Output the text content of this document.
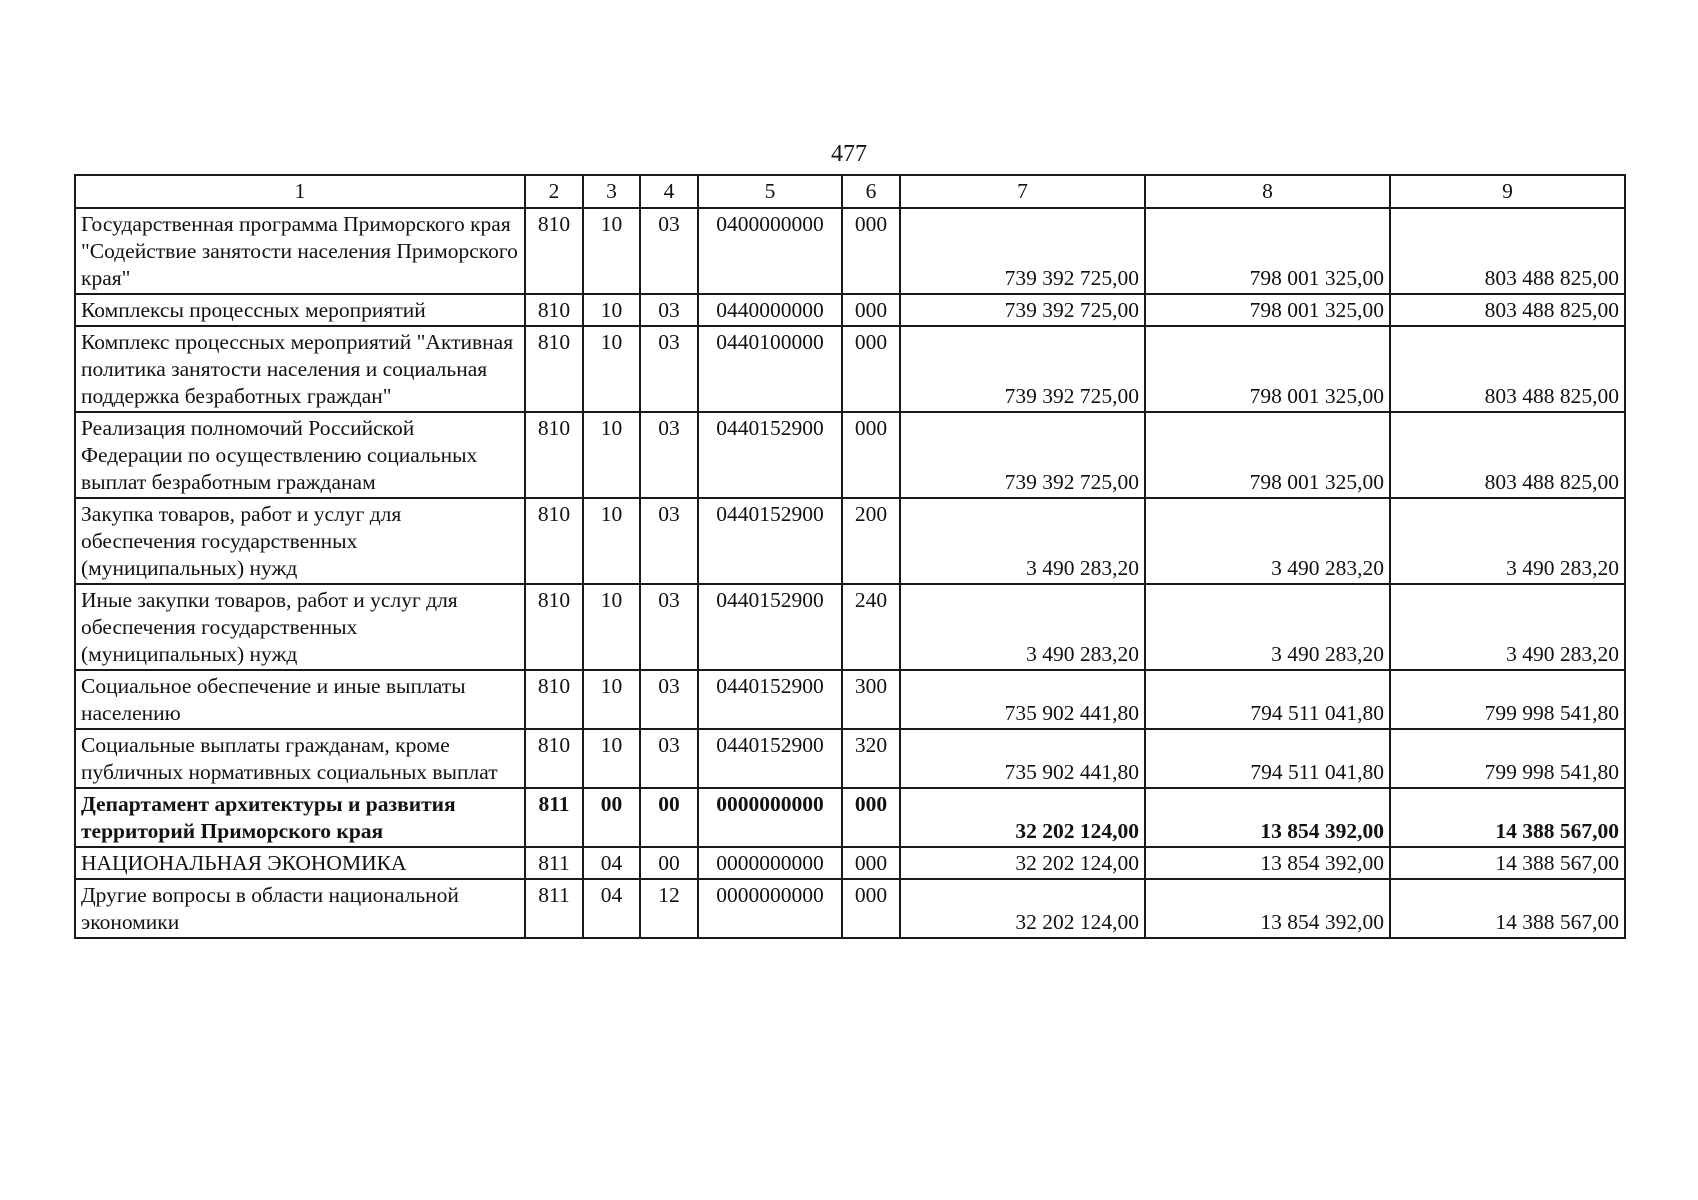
477
1	2	3	4	5	6	7	8	9
Государственная программа Приморского края "Содействие занятости населения Приморского края"	810	10	03	0400000000	000	739 392 725,00	798 001 325,00	803 488 825,00
Комплексы процессных мероприятий	810	10	03	0440000000	000	739 392 725,00	798 001 325,00	803 488 825,00
Комплекс процессных мероприятий "Активная политика занятости населения и социальная поддержка безработных граждан"	810	10	03	0440100000	000	739 392 725,00	798 001 325,00	803 488 825,00
Реализация полномочий Российской Федерации по осуществлению социальных выплат безработным гражданам	810	10	03	0440152900	000	739 392 725,00	798 001 325,00	803 488 825,00
Закупка товаров, работ и услуг для обеспечения государственных (муниципальных) нужд	810	10	03	0440152900	200	3 490 283,20	3 490 283,20	3 490 283,20
Иные закупки товаров, работ и услуг для обеспечения государственных (муниципальных) нужд	810	10	03	0440152900	240	3 490 283,20	3 490 283,20	3 490 283,20
Социальное обеспечение и иные выплаты населению	810	10	03	0440152900	300	735 902 441,80	794 511 041,80	799 998 541,80
Социальные выплаты гражданам, кроме публичных нормативных социальных выплат	810	10	03	0440152900	320	735 902 441,80	794 511 041,80	799 998 541,80
Департамент архитектуры и развития территорий Приморского края	811	00	00	0000000000	000	32 202 124,00	13 854 392,00	14 388 567,00
НАЦИОНАЛЬНАЯ ЭКОНОМИКА	811	04	00	0000000000	000	32 202 124,00	13 854 392,00	14 388 567,00
Другие вопросы в области национальной экономики	811	04	12	0000000000	000	32 202 124,00	13 854 392,00	14 388 567,00
